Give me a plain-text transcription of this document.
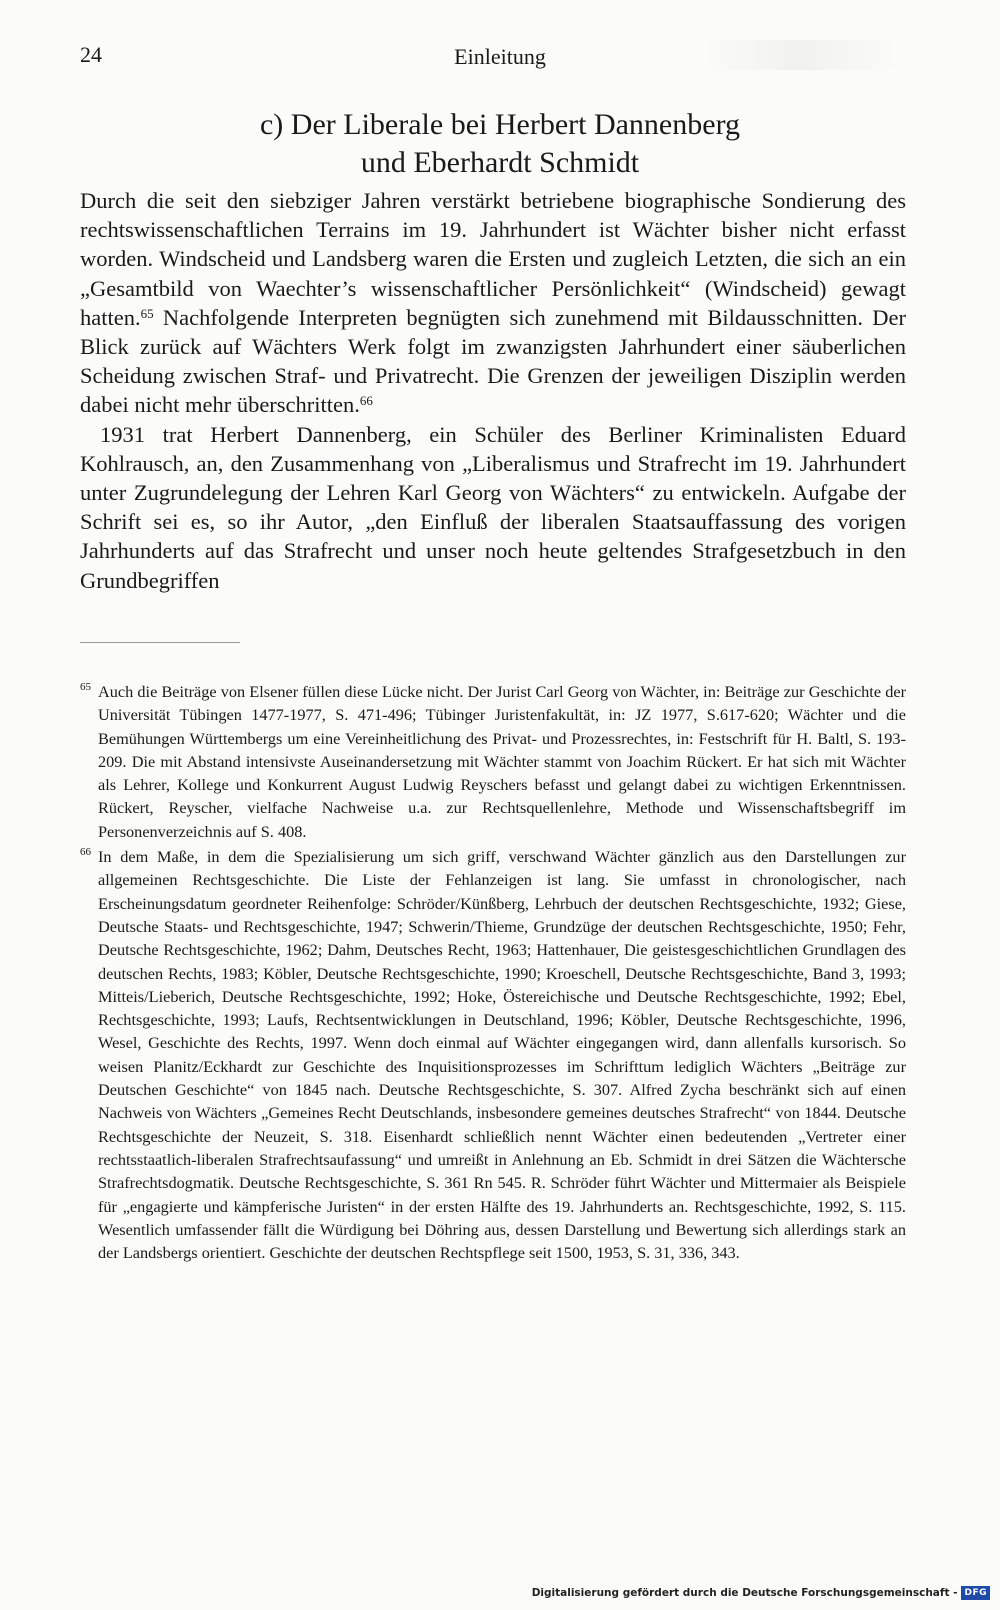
24	Einleitung
c) Der Liberale bei Herbert Dannenberg
und Eberhardt Schmidt

Durch die seit den siebziger Jahren verstärkt betriebene biographische Sondierung des rechtswissenschaftlichen Terrains im 19. Jahrhundert ist Wächter bisher nicht erfasst worden. Windscheid und Landsberg waren die Ersten und zugleich Letzten, die sich an ein „Gesamtbild von Waechter’s wissenschaftlicher Persönlichkeit“ (Windscheid) gewagt hatten.$^{65}$ Nachfolgende Interpreten begnügten sich zunehmend mit Bildausschnitten. Der Blick zurück auf Wächters Werk folgt im zwanzigsten Jahrhundert einer säuberlichen Scheidung zwischen Straf- und Privatrecht. Die Grenzen der jeweiligen Disziplin werden dabei nicht mehr überschritten.$^{66}$

1931 trat Herbert Dannenberg, ein Schüler des Berliner Kriminalisten Eduard Kohlrausch, an, den Zusammenhang von „Liberalismus und Strafrecht im 19. Jahrhundert unter Zugrundelegung der Lehren Karl Georg von Wächters“ zu entwickeln. Aufgabe der Schrift sei es, so ihr Autor, „den Einfluß der liberalen Staatsauffassung des vorigen Jahrhunderts auf das Strafrecht und unser noch heute geltendes Strafgesetzbuch in den Grundbegriffen

65 Auch die Beiträge von Elsener füllen diese Lücke nicht. Der Jurist Carl Georg von Wächter, in: Beiträge zur Geschichte der Universität Tübingen 1477-1977, S. 471-496; Tübinger Juristenfakultät, in: JZ 1977, S.617-620; Wächter und die Bemühungen Württembergs um eine Vereinheitlichung des Privat- und Prozessrechtes, in: Festschrift für H. Baltl, S. 193-209. Die mit Abstand intensivste Auseinandersetzung mit Wächter stammt von Joachim Rückert. Er hat sich mit Wächter als Lehrer, Kollege und Konkurrent August Ludwig Reyschers befasst und gelangt dabei zu wichtigen Erkenntnissen. Rückert, Reyscher, vielfache Nachweise u.a. zur Rechtsquellenlehre, Methode und Wissenschaftsbegriff im Personenverzeichnis auf S. 408.

66 In dem Maße, in dem die Spezialisierung um sich griff, verschwand Wächter gänzlich aus den Darstellungen zur allgemeinen Rechtsgeschichte. Die Liste der Fehlanzeigen ist lang. Sie umfasst in chronologischer, nach Erscheinungsdatum geordneter Reihenfolge: Schröder/Künßberg, Lehrbuch der deutschen Rechtsgeschichte, 1932; Giese, Deutsche Staats- und Rechtsgeschichte, 1947; Schwerin/Thieme, Grundzüge der deutschen Rechtsgeschichte, 1950; Fehr, Deutsche Rechtsgeschichte, 1962; Dahm, Deutsches Recht, 1963; Hattenhauer, Die geistesgeschichtlichen Grundlagen des deutschen Rechts, 1983; Köbler, Deutsche Rechtsgeschichte, 1990; Kroeschell, Deutsche Rechtsgeschichte, Band 3, 1993; Mitteis/Lieberich, Deutsche Rechtsgeschichte, 1992; Hoke, Östereichische und Deutsche Rechtsgeschichte, 1992; Ebel, Rechtsgeschichte, 1993; Laufs, Rechtsentwicklungen in Deutschland, 1996; Köbler, Deutsche Rechtsgeschichte, 1996, Wesel, Geschichte des Rechts, 1997. Wenn doch einmal auf Wächter eingegangen wird, dann allenfalls kursorisch. So weisen Planitz/Eckhardt zur Geschichte des Inquisitionsprozesses im Schrifttum lediglich Wächters „Beiträge zur Deutschen Geschichte“ von 1845 nach. Deutsche Rechtsgeschichte, S. 307. Alfred Zycha beschränkt sich auf einen Nachweis von Wächters „Gemeines Recht Deutschlands, insbesondere gemeines deutsches Strafrecht“ von 1844. Deutsche Rechtsgeschichte der Neuzeit, S. 318. Eisenhardt schließlich nennt Wächter einen bedeutenden „Vertreter einer rechtsstaatlich-liberalen Strafrechtsaufassung“ und umreißt in Anlehnung an Eb. Schmidt in drei Sätzen die Wächtersche Strafrechtsdogmatik. Deutsche Rechtsgeschichte, S. 361 Rn 545. R. Schröder führt Wächter und Mittermaier als Beispiele für „engagierte und kämpferische Juristen“ in der ersten Hälfte des 19. Jahrhunderts an. Rechtsgeschichte, 1992, S. 115. Wesentlich umfassender fällt die Würdigung bei Döhring aus, dessen Darstellung und Bewertung sich allerdings stark an der Landsbergs orientiert. Geschichte der deutschen Rechtspflege seit 1500, 1953, S. 31, 336, 343.

Digitalisierung gefördert durch die Deutsche Forschungsgemeinschaft - DFG
